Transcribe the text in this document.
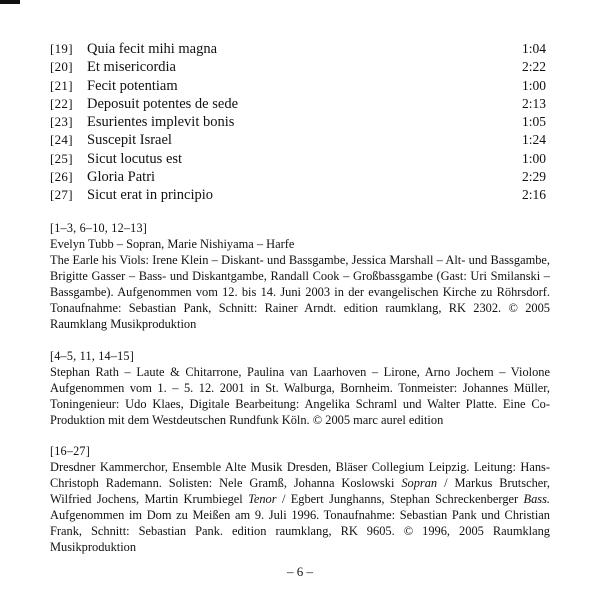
[19] Quia fecit mihi magna	1:04
[20] Et misericordia	2:22
[21] Fecit potentiam	1:00
[22] Deposuit potentes de sede	2:13
[23] Esurientes implevit bonis	1:05
[24] Suscepit Israel	1:24
[25] Sicut locutus est	1:00
[26] Gloria Patri	2:29
[27] Sicut erat in principio	2:16
[1–3, 6–10, 12–13]

Evelyn Tubb – Sopran, Marie Nishiyama – Harfe

The Earle his Viols: Irene Klein – Diskant- und Bassgambe, Jessica Marshall – Alt- und Bassgambe, Brigitte Gasser – Bass- und Diskantgambe, Randall Cook – Großbassgambe (Gast: Uri Smilanski – Bassgambe). Aufgenommen vom 12. bis 14. Juni 2003 in der evangelischen Kirche zu Röhrsdorf. Tonaufnahme: Sebastian Pank, Schnitt: Rainer Arndt. edition raumklang, RK 2302. © 2005 Raumklang Musikproduktion

[4–5, 11, 14–15]

Stephan Rath – Laute & Chitarrone, Paulina van Laarhoven – Lirone, Arno Jochem – Violone Aufgenommen vom 1. – 5. 12. 2001 in St. Walburga, Bornheim. Tonmeister: Johannes Müller, Toningenieur: Udo Klaes, Digitale Bearbeitung: Angelika Schraml und Walter Platte. Eine Co-Produktion mit dem Westdeutschen Rundfunk Köln. © 2005 marc aurel edition

[16–27]

Dresdner Kammerchor, Ensemble Alte Musik Dresden, Bläser Collegium Leipzig. Leitung: Hans-Christoph Rademann. Solisten: Nele Gramß, Johanna Koslowski Sopran / Markus Brutscher, Wilfried Jochens, Martin Krumbiegel Tenor / Egbert Junghanns, Stephan Schreckenberger Bass. Aufgenommen im Dom zu Meißen am 9. Juli 1996. Tonaufnahme: Sebastian Pank und Christian Frank, Schnitt: Sebastian Pank. edition raumklang, RK 9605. © 1996, 2005 Raumklang Musikproduktion

– 6 –
